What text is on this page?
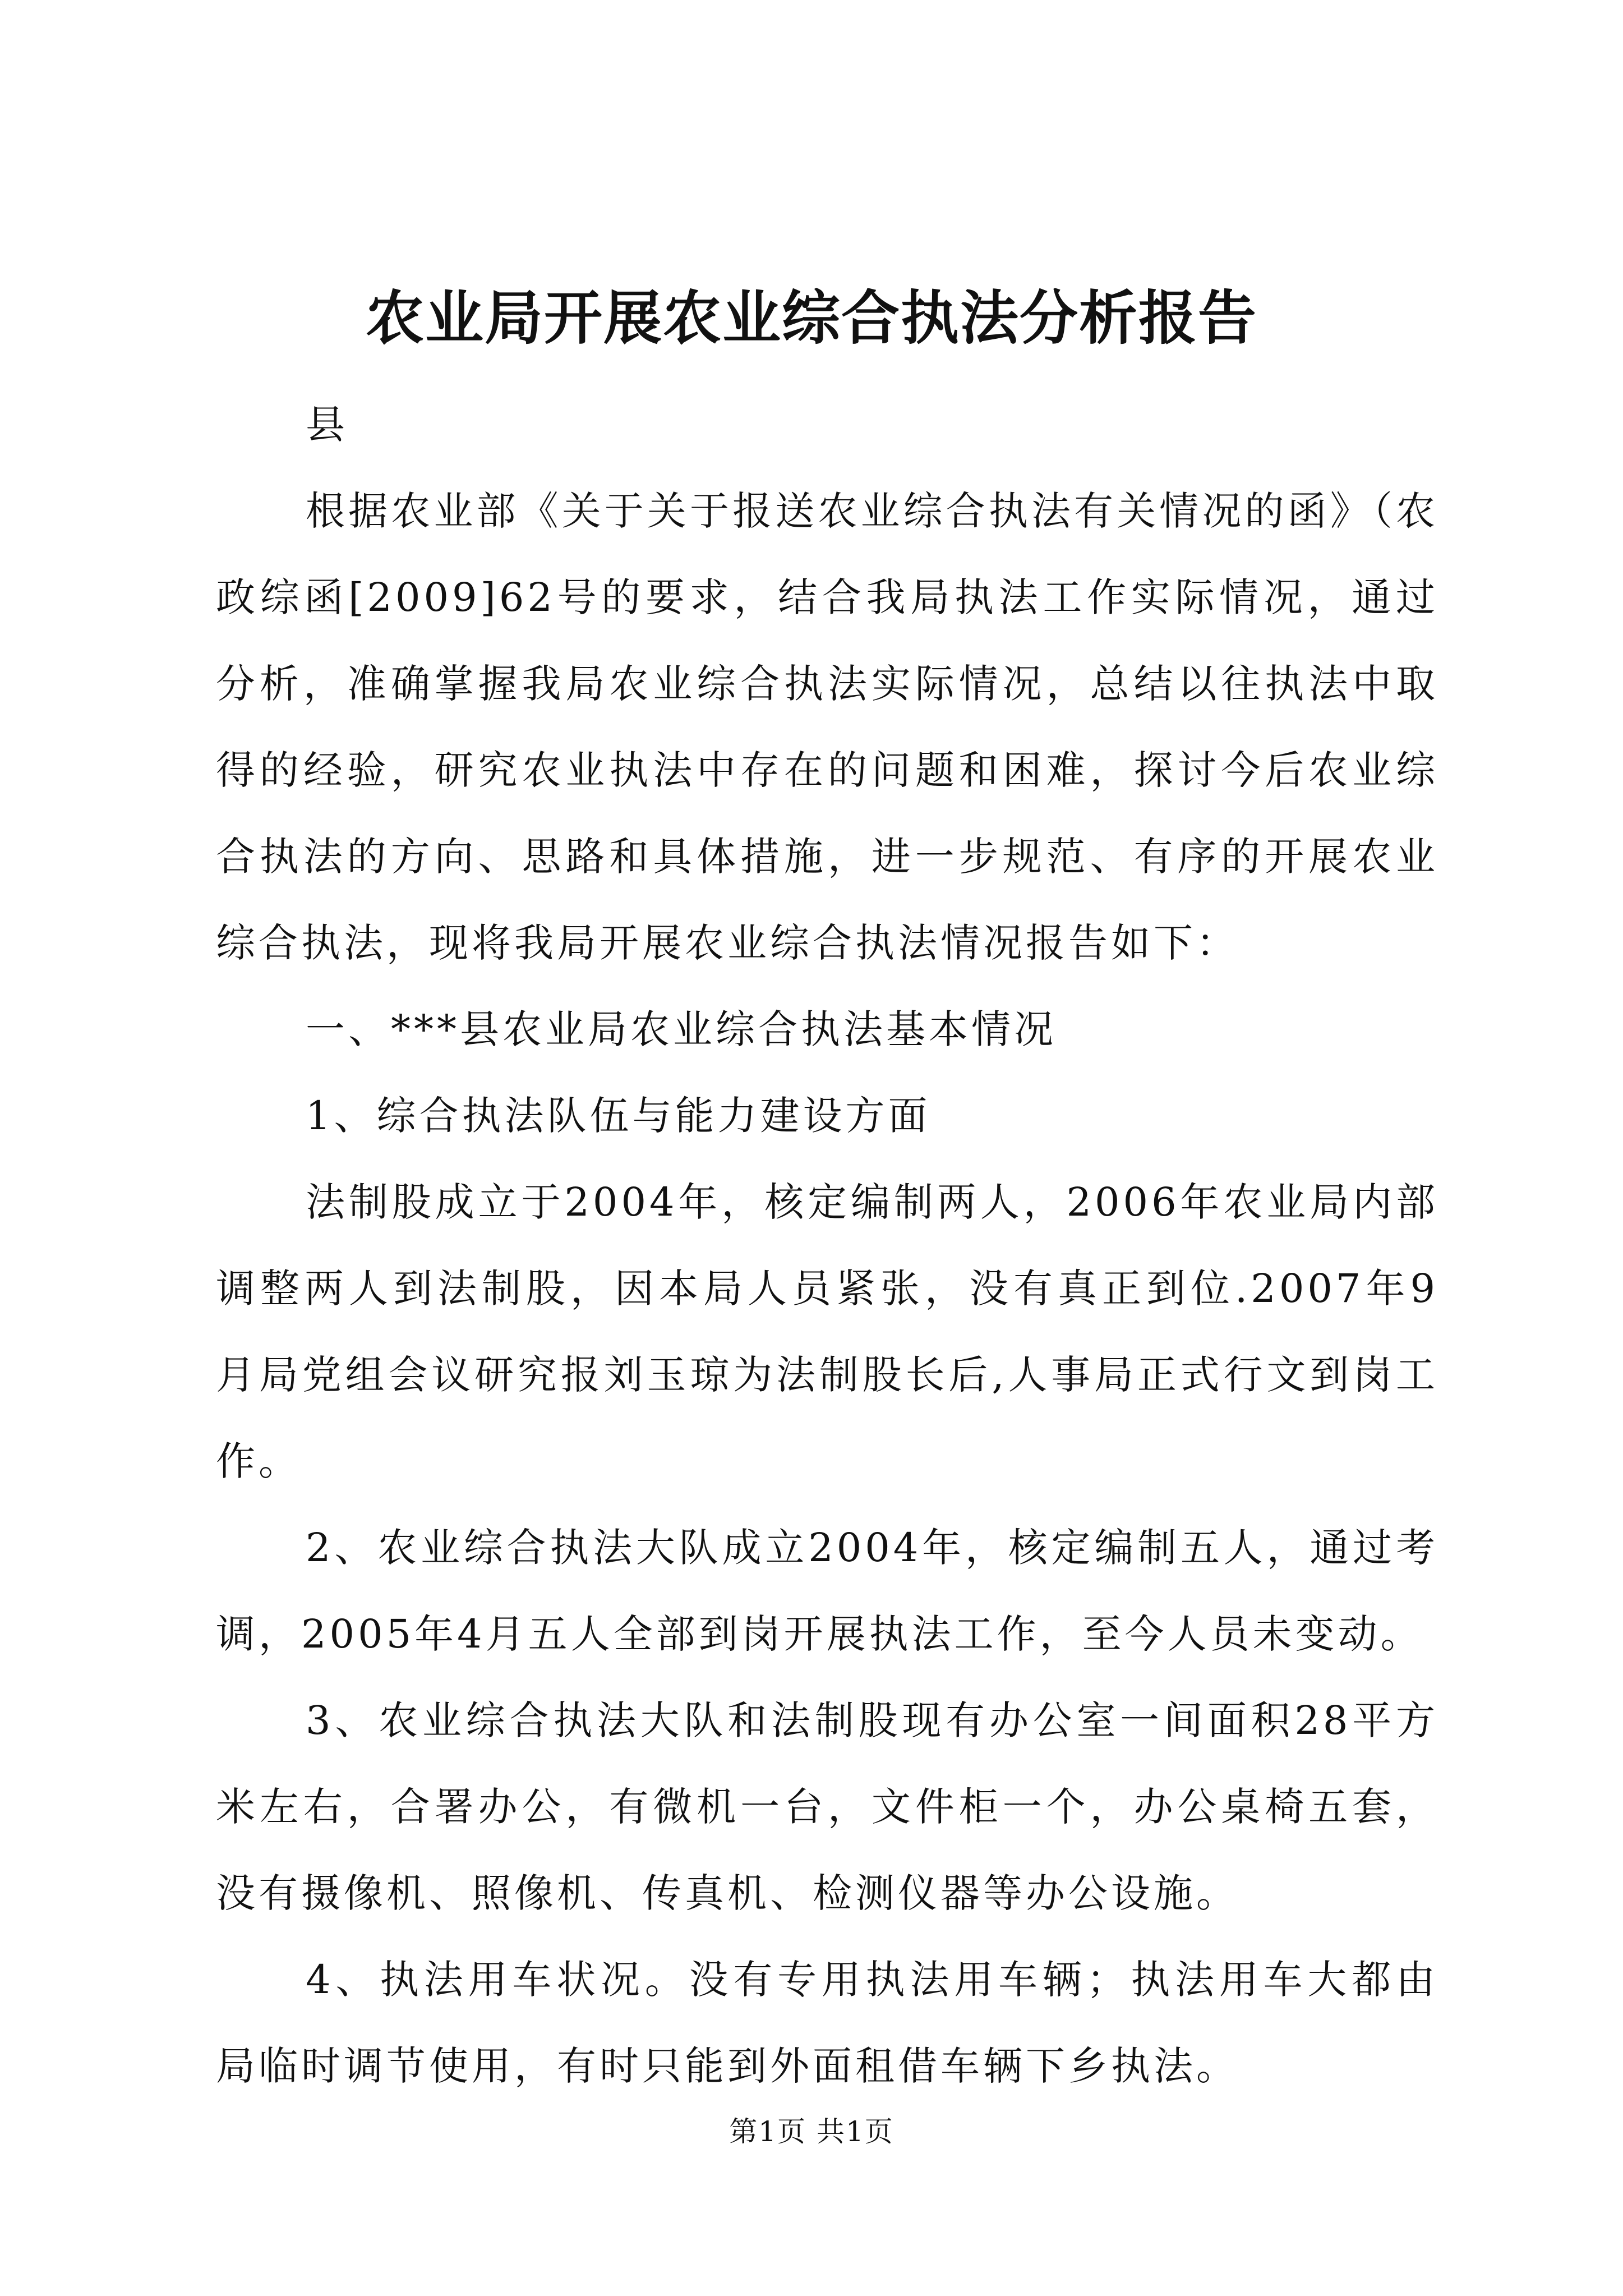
农业局开展农业综合执法分析报告

县

根据农业部《关于关于报送农业综合执法有关情况的函》（农政综函[2009]62号的要求，结合我局执法工作实际情况，通过分析，准确掌握我局农业综合执法实际情况，总结以往执法中取得的经验，研究农业执法中存在的问题和困难，探讨今后农业综合执法的方向、思路和具体措施，进一步规范、有序的开展农业综合执法，现将我局开展农业综合执法情况报告如下：

一、***县农业局农业综合执法基本情况

1、综合执法队伍与能力建设方面

法制股成立于2004年，核定编制两人，2006年农业局内部调整两人到法制股，因本局人员紧张，没有真正到位.2007年9月局党组会议研究报刘玉琼为法制股长后,人事局正式行文到岗工作。

2、农业综合执法大队成立2004年，核定编制五人，通过考调，2005年4月五人全部到岗开展执法工作，至今人员未变动。

3、农业综合执法大队和法制股现有办公室一间面积28平方米左右，合署办公，有微机一台，文件柜一个，办公桌椅五套，没有摄像机、照像机、传真机、检测仪器等办公设施。

4、执法用车状况。没有专用执法用车辆；执法用车大都由局临时调节使用，有时只能到外面租借车辆下乡执法。

第1页 共1页
